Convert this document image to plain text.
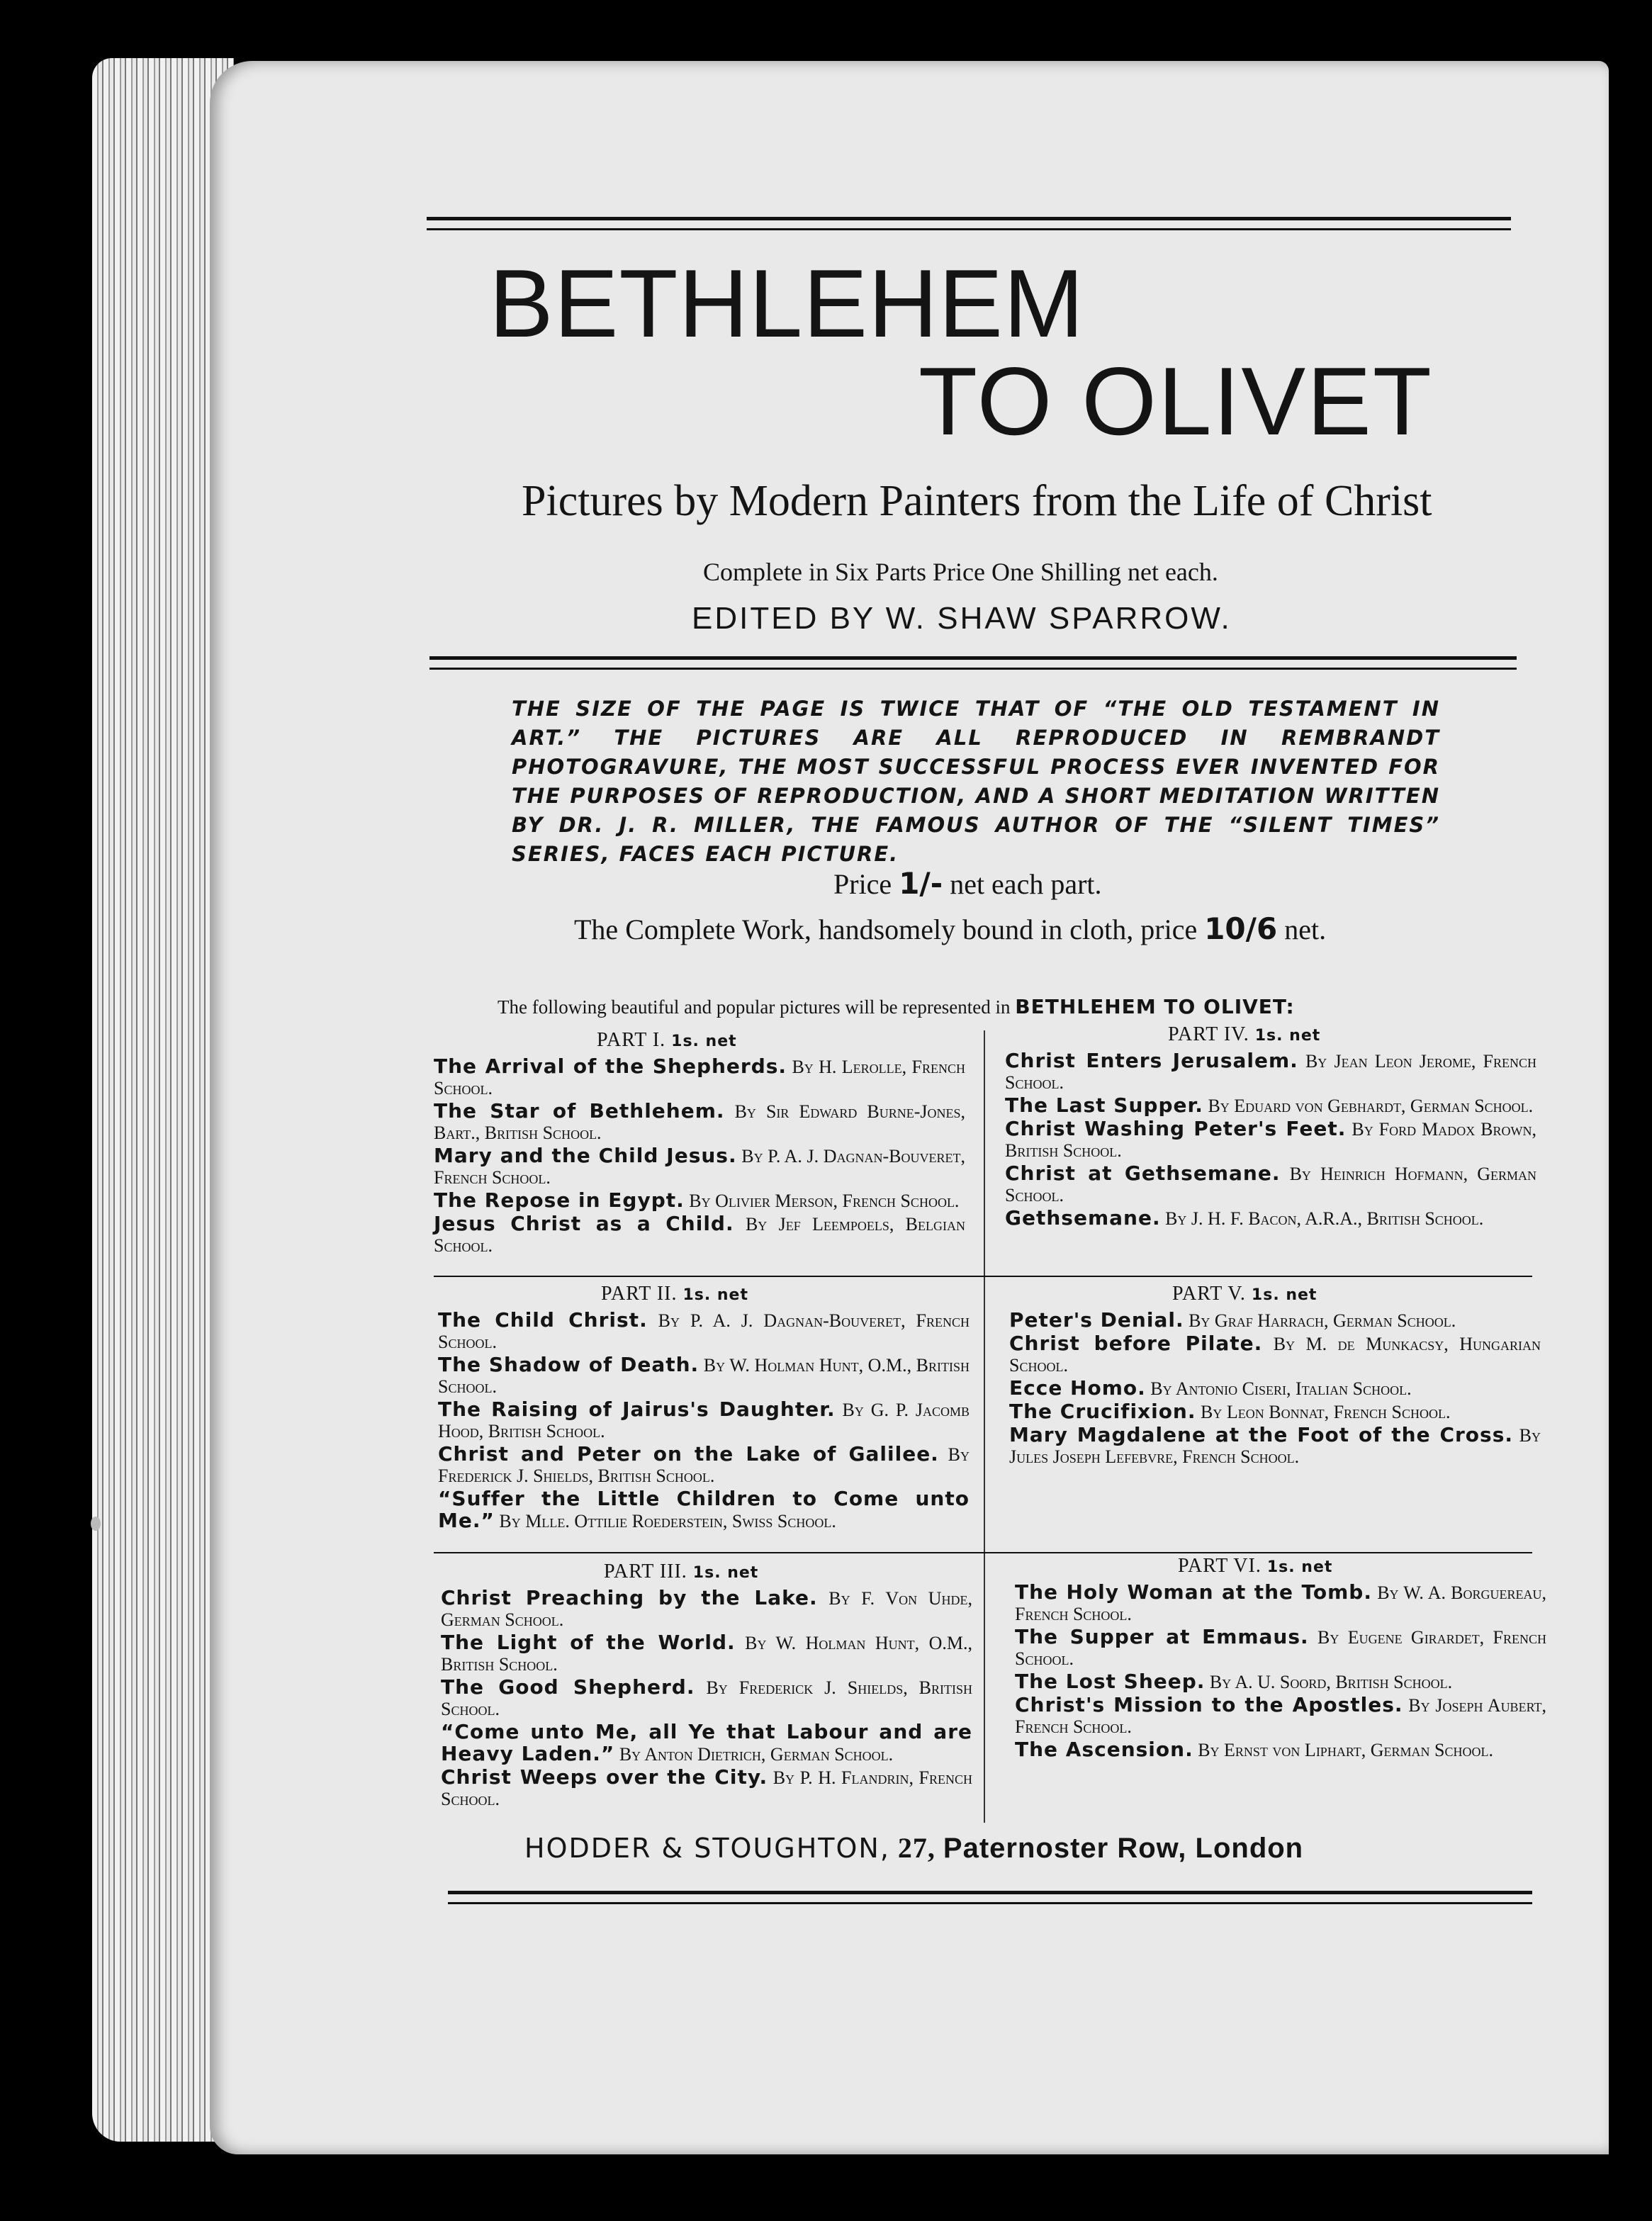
BETHLEHEM
TO OLIVET
Pictures by Modern Painters from the Life of Christ
Complete in Six Parts Price One Shilling net each.
EDITED BY W. SHAW SPARROW.
THE SIZE OF THE PAGE IS TWICE THAT OF “THE OLD TESTAMENT IN ART.” THE PICTURES ARE ALL REPRODUCED IN REMBRANDT PHOTOGRAVURE, THE MOST SUCCESSFUL PROCESS EVER INVENTED FOR THE PURPOSES OF REPRODUCTION, AND A SHORT MEDITATION WRITTEN BY DR. J. R. MILLER, THE FAMOUS AUTHOR OF THE “SILENT TIMES” SERIES, FACES EACH PICTURE.
Price 1/- net each part.
The Complete Work, handsomely bound in cloth, price 10/6 net.
The following beautiful and popular pictures will be represented in BETHLEHEM TO OLIVET:
PART I. 1s. net
The Arrival of the Shepherds. By H. Lerolle, French School.
The Star of Bethlehem. By Sir Edward Burne-Jones, Bart., British School.
Mary and the Child Jesus. By P. A. J. Dagnan-Bouveret, French School.
The Repose in Egypt. By Olivier Merson, French School.
Jesus Christ as a Child. By Jef Leempoels, Belgian School.
PART II. 1s. net
The Child Christ. By P. A. J. Dagnan-Bouveret, French School.
The Shadow of Death. By W. Holman Hunt, O.M., British School.
The Raising of Jairus's Daughter. By G. P. Jacomb Hood, British School.
Christ and Peter on the Lake of Galilee. By Frederick J. Shields, British School.
“Suffer the Little Children to Come unto Me.” By Mlle. Ottilie Roederstein, Swiss School.
PART III. 1s. net
Christ Preaching by the Lake. By F. Von Uhde, German School.
The Light of the World. By W. Holman Hunt, O.M., British School.
The Good Shepherd. By Frederick J. Shields, British School.
“Come unto Me, all Ye that Labour and are Heavy Laden.” By Anton Dietrich, German School.
Christ Weeps over the City. By P. H. Flandrin, French School.
PART IV. 1s. net
Christ Enters Jerusalem. By Jean Leon Jerome, French School.
The Last Supper. By Eduard von Gebhardt, German School.
Christ Washing Peter's Feet. By Ford Madox Brown, British School.
Christ at Gethsemane. By Heinrich Hofmann, German School.
Gethsemane. By J. H. F. Bacon, A.R.A., British School.
PART V. 1s. net
Peter's Denial. By Graf Harrach, German School.
Christ before Pilate. By M. de Munkacsy, Hungarian School.
Ecce Homo. By Antonio Ciseri, Italian School.
The Crucifixion. By Leon Bonnat, French School.
Mary Magdalene at the Foot of the Cross. By Jules Joseph Lefebvre, French School.
PART VI. 1s. net
The Holy Woman at the Tomb. By W. A. Borguereau, French School.
The Supper at Emmaus. By Eugene Girardet, French School.
The Lost Sheep. By A. U. Soord, British School.
Christ's Mission to the Apostles. By Joseph Aubert, French School.
The Ascension. By Ernst von Liphart, German School.
HODDER & STOUGHTON, 27, Paternoster Row, London
